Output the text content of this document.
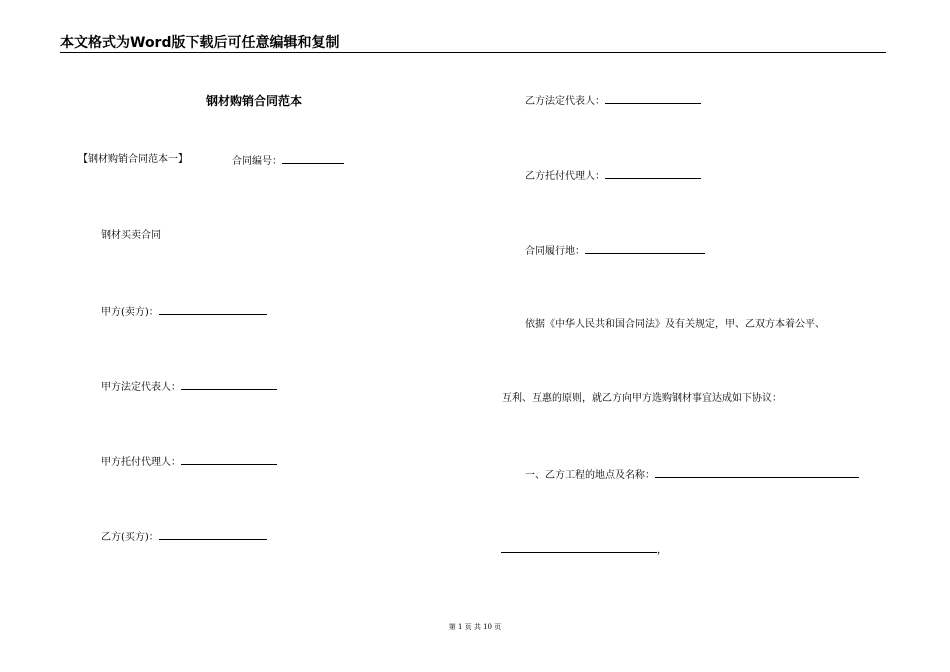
本文格式为Word版下载后可任意编辑和复制
钢材购销合同范本
【钢材购销合同范本一】	合同编号：
钢材买卖合同
甲方(卖方)：
甲方法定代表人：
甲方托付代理人：
乙方(买方)：
乙方法定代表人：
乙方托付代理人：
合同履行地：
依据《中华人民共和国合同法》及有关规定，甲、乙双方本着公平、
互利、互惠的原则，就乙方向甲方选购钢材事宜达成如下协议：
一、乙方工程的地点及名称：
，
第 1 页 共 10 页
